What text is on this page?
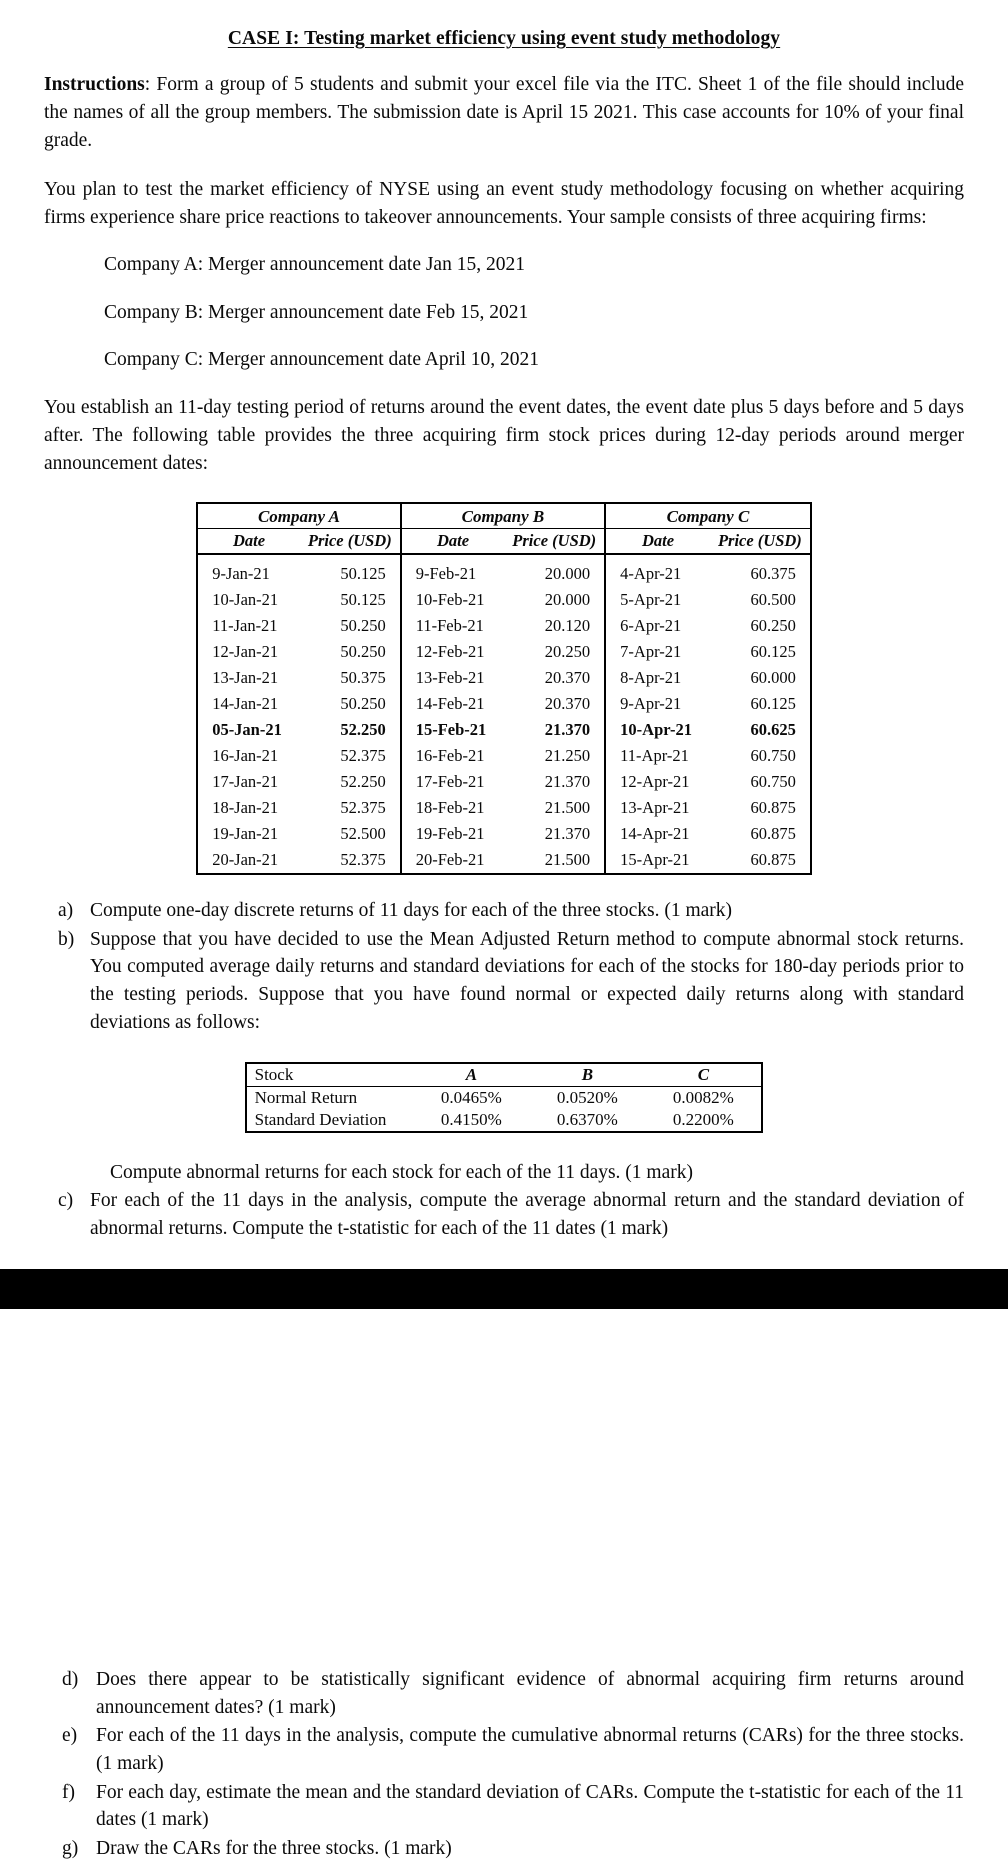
CASE I: Testing market efficiency using event study methodology

Instructions: Form a group of 5 students and submit your excel file via the ITC. Sheet 1 of the file should include the names of all the group members. The submission date is April 15 2021. This case accounts for 10% of your final grade.

You plan to test the market efficiency of NYSE using an event study methodology focusing on whether acquiring firms experience share price reactions to takeover announcements. Your sample consists of three acquiring firms:

Company A: Merger announcement date Jan 15, 2021
Company B: Merger announcement date Feb 15, 2021
Company C: Merger announcement date April 10, 2021

You establish an 11-day testing period of returns around the event dates, the event date plus 5 days before and 5 days after. The following table provides the three acquiring firm stock prices during 12-day periods around merger announcement dates:

Company A		Company B		Company C	
Date	Price (USD)	Date	Price (USD)	Date	Price (USD)
9-Jan-21	50.125	9-Feb-21	20.000	4-Apr-21	60.375
10-Jan-21	50.125	10-Feb-21	20.000	5-Apr-21	60.500
11-Jan-21	50.250	11-Feb-21	20.120	6-Apr-21	60.250
12-Jan-21	50.250	12-Feb-21	20.250	7-Apr-21	60.125
13-Jan-21	50.375	13-Feb-21	20.370	8-Apr-21	60.000
14-Jan-21	50.250	14-Feb-21	20.370	9-Apr-21	60.125
05-Jan-21	52.250	15-Feb-21	21.370	10-Apr-21	60.625
16-Jan-21	52.375	16-Feb-21	21.250	11-Apr-21	60.750
17-Jan-21	52.250	17-Feb-21	21.370	12-Apr-21	60.750
18-Jan-21	52.375	18-Feb-21	21.500	13-Apr-21	60.875
19-Jan-21	52.500	19-Feb-21	21.370	14-Apr-21	60.875
20-Jan-21	52.375	20-Feb-21	21.500	15-Apr-21	60.875
a) Compute one-day discrete returns of 11 days for each of the three stocks. (1 mark)
b) Suppose that you have decided to use the Mean Adjusted Return method to compute abnormal stock returns. You computed average daily returns and standard deviations for each of the stocks for 180-day periods prior to the testing periods. Suppose that you have found normal or expected daily returns along with standard deviations as follows:
Stock	A	B	C
Normal Return	0.0465%	0.0520%	0.0082%
Standard Deviation	0.4150%	0.6370%	0.2200%

Compute abnormal returns for each stock for each of the 11 days. (1 mark)

c) For each of the 11 days in the analysis, compute the average abnormal return and the standard deviation of abnormal returns. Compute the t-statistic for each of the 11 dates (1 mark)
d) Does there appear to be statistically significant evidence of abnormal acquiring firm returns around announcement dates? (1 mark)
e) For each of the 11 days in the analysis, compute the cumulative abnormal returns (CARs) for the three stocks. (1 mark)
f) For each day, estimate the mean and the standard deviation of CARs. Compute the t-statistic for each of the 11 dates (1 mark)
g) Draw the CARs for the three stocks. (1 mark)
